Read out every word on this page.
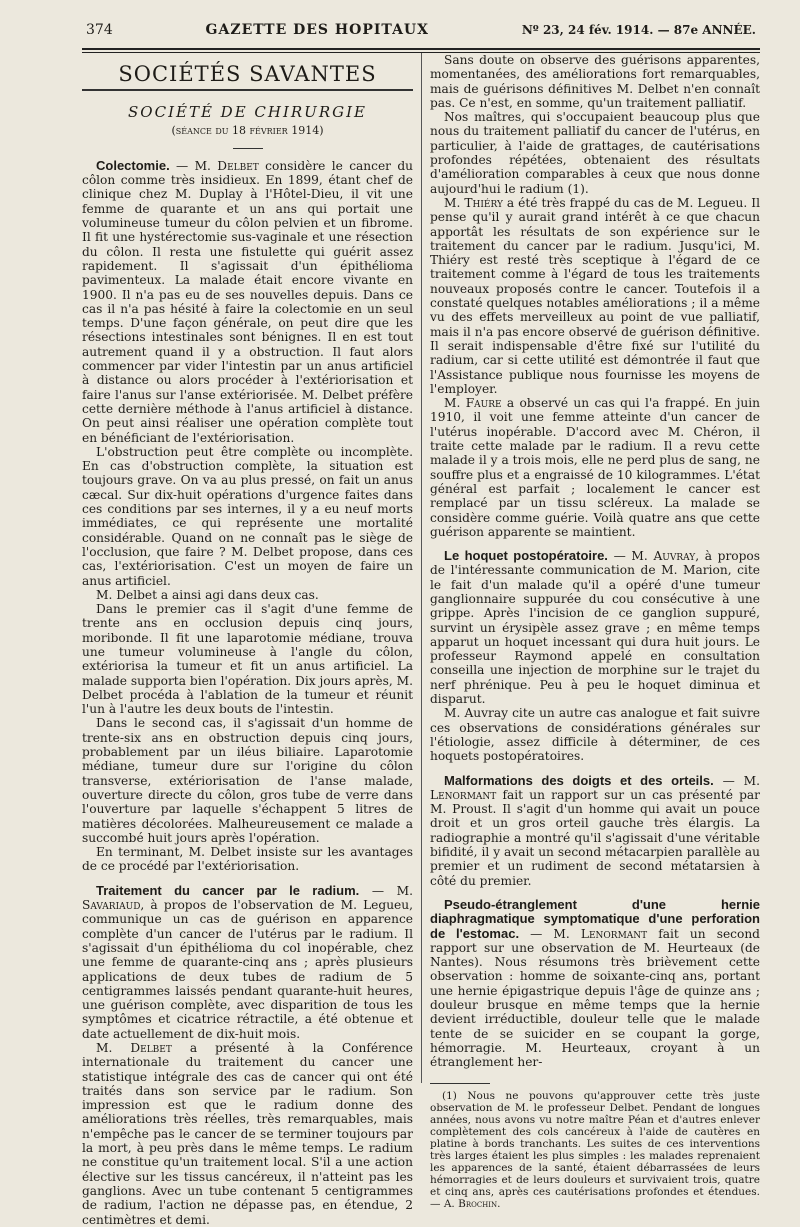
374	GAZETTE DES HOPITAUX	Nº 23, 24 fév. 1914. — 87e ANNÉE.
SOCIÉTÉS SAVANTES
SOCIÉTÉ DE CHIRURGIE
(séance du 18 février 1914)

Colectomie. — M. Delbet considère le cancer du côlon comme très insidieux. En 1899, étant chef de clinique chez M. Duplay à l'Hôtel-Dieu, il vit une femme de quarante et un ans qui portait une volumineuse tumeur du côlon pelvien et un fibrome. Il fit une hystérectomie sus-vaginale et une résection du côlon. Il resta une fistulette qui guérit assez rapidement. Il s'agissait d'un épithélioma pavimenteux. La malade était encore vivante en 1900. Il n'a pas eu de ses nouvelles depuis. Dans ce cas il n'a pas hésité à faire la colectomie en un seul temps. D'une façon générale, on peut dire que les résections intestinales sont bénignes. Il en est tout autrement quand il y a obstruction. Il faut alors commencer par vider l'intestin par un anus artificiel à distance ou alors procéder à l'extériorisation et faire l'anus sur l'anse extériorisée. M. Delbet préfère cette dernière méthode à l'anus artificiel à distance. On peut ainsi réaliser une opération complète tout en bénéficiant de l'extériorisation.

L'obstruction peut être complète ou incomplète. En cas d'obstruction complète, la situation est toujours grave. On va au plus pressé, on fait un anus cæcal. Sur dix-huit opérations d'urgence faites dans ces conditions par ses internes, il y a eu neuf morts immédiates, ce qui représente une mortalité considérable. Quand on ne connaît pas le siège de l'occlusion, que faire ? M. Delbet propose, dans ces cas, l'extériorisation. C'est un moyen de faire un anus artificiel.

M. Delbet a ainsi agi dans deux cas.

Dans le premier cas il s'agit d'une femme de trente ans en occlusion depuis cinq jours, moribonde. Il fit une laparotomie médiane, trouva une tumeur volumineuse à l'angle du côlon, extériorisa la tumeur et fit un anus artificiel. La malade supporta bien l'opération. Dix jours après, M. Delbet procéda à l'ablation de la tumeur et réunit l'un à l'autre les deux bouts de l'intestin.

Dans le second cas, il s'agissait d'un homme de trente-six ans en obstruction depuis cinq jours, probablement par un iléus biliaire. Laparotomie médiane, tumeur dure sur l'origine du côlon transverse, extériorisation de l'anse malade, ouverture directe du côlon, gros tube de verre dans l'ouverture par laquelle s'échappent 5 litres de matières décolorées. Malheureusement ce malade a succombé huit jours après l'opération.

En terminant, M. Delbet insiste sur les avantages de ce procédé par l'extériorisation.

Traitement du cancer par le radium. — M. Savariaud, à propos de l'observation de M. Legueu, communique un cas de guérison en apparence complète d'un cancer de l'utérus par le radium. Il s'agissait d'un épithélioma du col inopérable, chez une femme de quarante-cinq ans ; après plusieurs applications de deux tubes de radium de 5 centigrammes laissés pendant quarante-huit heures, une guérison complète, avec disparition de tous les symptômes et cicatrice rétractile, a été obtenue et date actuellement de dix-huit mois.

M. Delbet a présenté à la Conférence internationale du traitement du cancer une statistique intégrale des cas de cancer qui ont été traités dans son service par le radium. Son impression est que le radium donne des améliorations très réelles, très remarquables, mais n'empêche pas le cancer de se terminer toujours par la mort, à peu près dans le même temps. Le radium ne constitue qu'un traitement local. S'il a une action élective sur les tissus cancéreux, il n'atteint pas les ganglions. Avec un tube contenant 5 centigrammes de radium, l'action ne dépasse pas, en étendue, 2 centimètres et demi.

Sans doute on observe des guérisons apparentes, momentanées, des améliorations fort remarquables, mais de guérisons définitives M. Delbet n'en connaît pas. Ce n'est, en somme, qu'un traitement palliatif.

Nos maîtres, qui s'occupaient beaucoup plus que nous du traitement palliatif du cancer de l'utérus, en particulier, à l'aide de grattages, de cautérisations profondes répétées, obtenaient des résultats d'amélioration comparables à ceux que nous donne aujourd'hui le radium (1).

M. Thiéry a été très frappé du cas de M. Legueu. Il pense qu'il y aurait grand intérêt à ce que chacun apportât les résultats de son expérience sur le traitement du cancer par le radium. Jusqu'ici, M. Thiéry est resté très sceptique à l'égard de ce traitement comme à l'égard de tous les traitements nouveaux proposés contre le cancer. Toutefois il a constaté quelques notables améliorations ; il a même vu des effets merveilleux au point de vue palliatif, mais il n'a pas encore observé de guérison définitive. Il serait indispensable d'être fixé sur l'utilité du radium, car si cette utilité est démontrée il faut que l'Assistance publique nous fournisse les moyens de l'employer.

M. Faure a observé un cas qui l'a frappé. En juin 1910, il voit une femme atteinte d'un cancer de l'utérus inopérable. D'accord avec M. Chéron, il traite cette malade par le radium. Il a revu cette malade il y a trois mois, elle ne perd plus de sang, ne souffre plus et a engraissé de 10 kilogrammes. L'état général est parfait ; localement le cancer est remplacé par un tissu scléreux. La malade se considère comme guérie. Voilà quatre ans que cette guérison apparente se maintient.

Le hoquet postopératoire. — M. Auvray, à propos de l'intéressante communication de M. Marion, cite le fait d'un malade qu'il a opéré d'une tumeur ganglionnaire suppurée du cou consécutive à une grippe. Après l'incision de ce ganglion suppuré, survint un érysipèle assez grave ; en même temps apparut un hoquet incessant qui dura huit jours. Le professeur Raymond appelé en consultation conseilla une injection de morphine sur le trajet du nerf phrénique. Peu à peu le hoquet diminua et disparut.

M. Auvray cite un autre cas analogue et fait suivre ces observations de considérations générales sur l'étiologie, assez difficile à déterminer, de ces hoquets postopératoires.

Malformations des doigts et des orteils. — M. Lenormant fait un rapport sur un cas présenté par M. Proust. Il s'agit d'un homme qui avait un pouce droit et un gros orteil gauche très élargis. La radiographie a montré qu'il s'agissait d'une véritable bifidité, il y avait un second métacarpien parallèle au premier et un rudiment de second métatarsien à côté du premier.

Pseudo-étranglement d'une hernie diaphragmatique symptomatique d'une perforation de l'estomac. — M. Lenormant fait un second rapport sur une observation de M. Heurteaux (de Nantes). Nous résumons très brièvement cette observation : homme de soixante-cinq ans, portant une hernie épigastrique depuis l'âge de quinze ans ; douleur brusque en même temps que la hernie devient irréductible, douleur telle que le malade tente de se suicider en se coupant la gorge, hémorragie. M. Heurteaux, croyant à un étranglement her-

(1) Nous ne pouvons qu'approuver cette très juste observation de M. le professeur Delbet. Pendant de longues années, nous avons vu notre maître Péan et d'autres enlever complètement des cols cancéreux à l'aide de cautères en platine à bords tranchants. Les suites de ces interventions très larges étaient les plus simples : les malades reprenaient les apparences de la santé, étaient débarrassées de leurs hémorragies et de leurs douleurs et survivaient trois, quatre et cinq ans, après ces cautérisations profondes et étendues. — A. Brochin.
